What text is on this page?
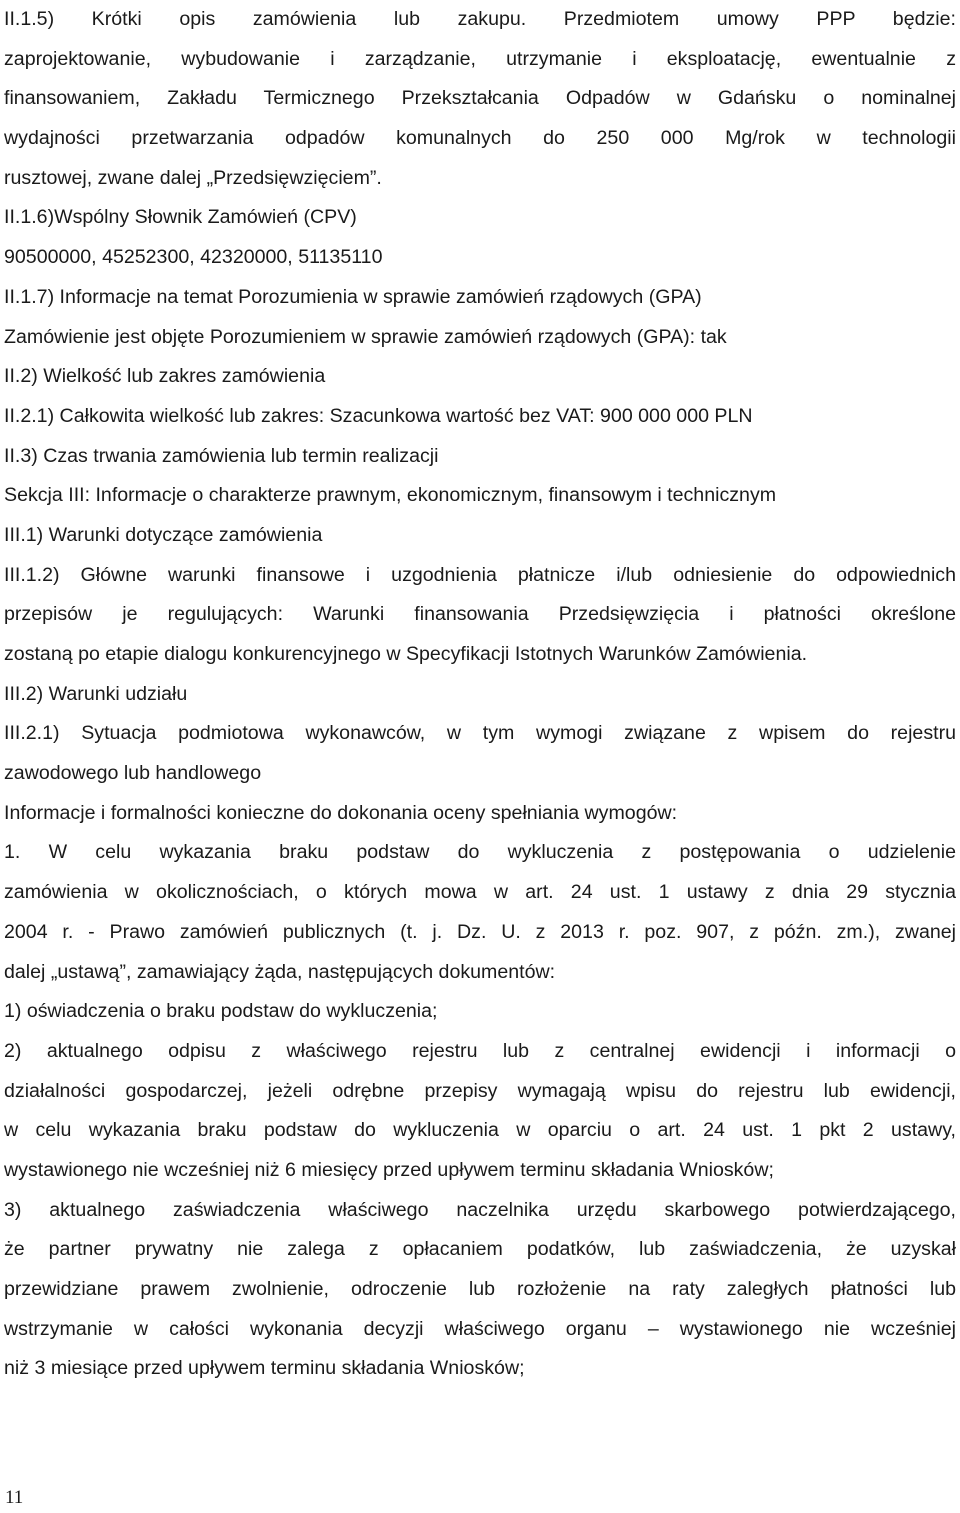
II.1.5) Krótki opis zamówienia lub zakupu. Przedmiotem umowy PPP będzie:
zaprojektowanie, wybudowanie i zarządzanie, utrzymanie i eksploatację, ewentualnie z
finansowaniem, Zakładu Termicznego Przekształcania Odpadów w Gdańsku o nominalnej
wydajności przetwarzania odpadów komunalnych do 250 000 Mg/rok w technologii
rusztowej, zwane dalej „Przedsięwzięciem”.
II.1.6)Wspólny Słownik Zamówień (CPV)
90500000, 45252300, 42320000, 51135110
II.1.7) Informacje na temat Porozumienia w sprawie zamówień rządowych (GPA)
Zamówienie jest objęte Porozumieniem w sprawie zamówień rządowych (GPA): tak
II.2) Wielkość lub zakres zamówienia
II.2.1) Całkowita wielkość lub zakres: Szacunkowa wartość bez VAT: 900 000 000 PLN
II.3) Czas trwania zamówienia lub termin realizacji
Sekcja III: Informacje o charakterze prawnym, ekonomicznym, finansowym i technicznym
III.1) Warunki dotyczące zamówienia
III.1.2) Główne warunki finansowe i uzgodnienia płatnicze i/lub odniesienie do odpowiednich
przepisów je regulujących: Warunki finansowania Przedsięwzięcia i płatności określone
zostaną po etapie dialogu konkurencyjnego w Specyfikacji Istotnych Warunków Zamówienia.
III.2) Warunki udziału
III.2.1) Sytuacja podmiotowa wykonawców, w tym wymogi związane z wpisem do rejestru
zawodowego lub handlowego
Informacje i formalności konieczne do dokonania oceny spełniania wymogów:
1. W celu wykazania braku podstaw do wykluczenia z postępowania o udzielenie
zamówienia w okolicznościach, o których mowa w art. 24 ust. 1 ustawy z dnia 29 stycznia
2004 r. - Prawo zamówień publicznych (t. j. Dz. U. z 2013 r. poz. 907, z późn. zm.), zwanej
dalej „ustawą”, zamawiający żąda, następujących dokumentów:
1) oświadczenia o braku podstaw do wykluczenia;
2) aktualnego odpisu z właściwego rejestru lub z centralnej ewidencji i informacji o
działalności gospodarczej, jeżeli odrębne przepisy wymagają wpisu do rejestru lub ewidencji,
w celu wykazania braku podstaw do wykluczenia w oparciu o art. 24 ust. 1 pkt 2 ustawy,
wystawionego nie wcześniej niż 6 miesięcy przed upływem terminu składania Wniosków;
3) aktualnego zaświadczenia właściwego naczelnika urzędu skarbowego potwierdzającego,
że partner prywatny nie zalega z opłacaniem podatków, lub zaświadczenia, że uzyskał
przewidziane prawem zwolnienie, odroczenie lub rozłożenie na raty zaległych płatności lub
wstrzymanie w całości wykonania decyzji właściwego organu – wystawionego nie wcześniej
niż 3 miesiące przed upływem terminu składania Wniosków;
11
